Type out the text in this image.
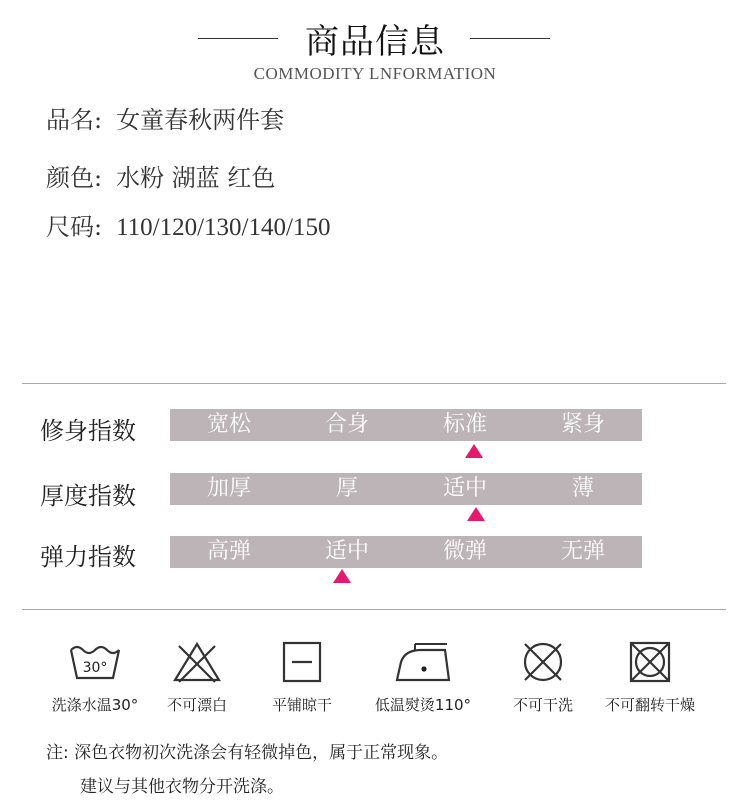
商品信息
COMMODITY LNFORMATION
品名: 女童春秋两件套
颜色: 水粉 湖蓝 红色
尺码: 110/120/130/140/150
修身指数	宽松	合身	标准	紧身
厚度指数	加厚	厚	适中	薄
弹力指数	高弹	适中	微弹	无弹
30°
洗涤水温30°	不可漂白	平铺晾干	低温熨烫110°	不可干洗	不可翻转干燥
注: 深色衣物初次洗涤会有轻微掉色，属于正常现象。
建议与其他衣物分开洗涤。
